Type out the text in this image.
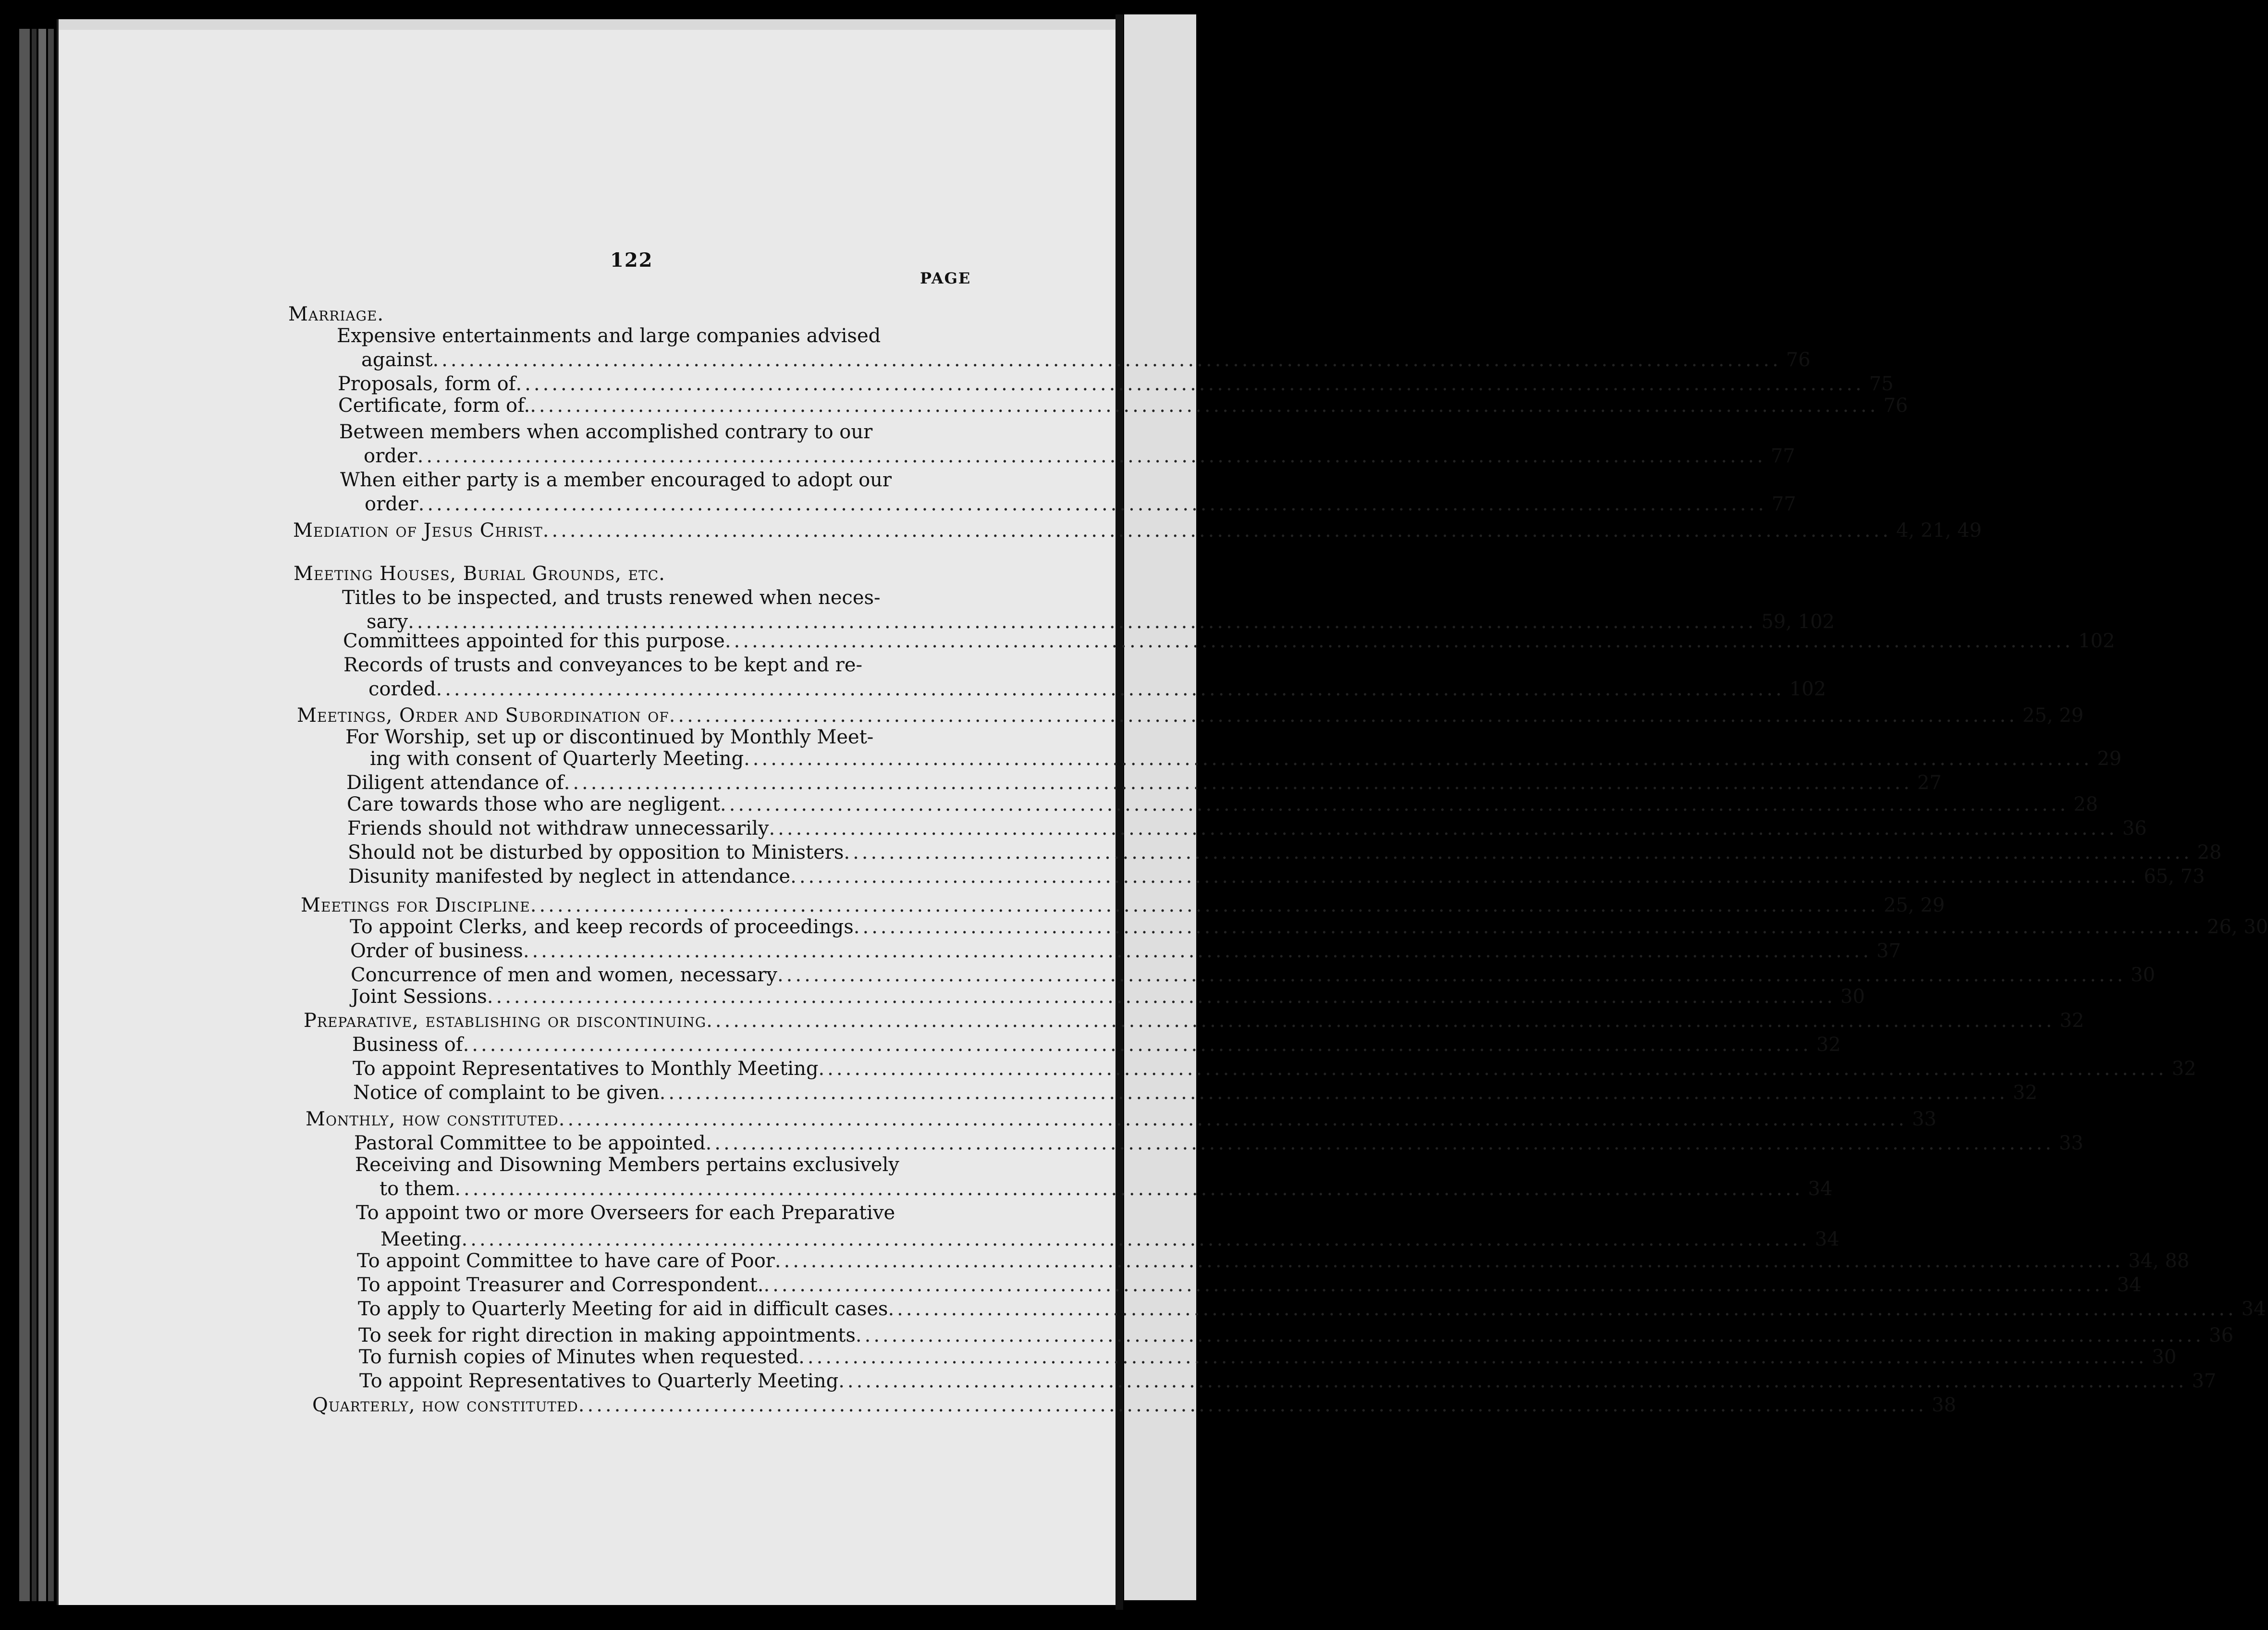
122
PAGE
Marriage.
Expensive entertainments and large companies advised
against ...................................................................................................................................................... 76
Proposals, form of ...................................................................................................................................................... 75
Certificate, form of. ...................................................................................................................................................... 76
Between members when accomplished contrary to our
order ...................................................................................................................................................... 77
When either party is a member encouraged to adopt our
order ...................................................................................................................................................... 77
Mediation of Jesus Christ ...................................................................................................................................................... 4, 21, 49
Meeting Houses, Burial Grounds, etc.
Titles to be inspected, and trusts renewed when neces-
sary ...................................................................................................................................................... 59, 102
Committees appointed for this purpose ...................................................................................................................................................... 102
Records of trusts and conveyances to be kept and re-
corded ...................................................................................................................................................... 102
Meetings, Order and Subordination of ...................................................................................................................................................... 25, 29
For Worship, set up or discontinued by Monthly Meet-
ing with consent of Quarterly Meeting ...................................................................................................................................................... 29
Diligent attendance of ...................................................................................................................................................... 27
Care towards those who are negligent ...................................................................................................................................................... 28
Friends should not withdraw unnecessarily ...................................................................................................................................................... 36
Should not be disturbed by opposition to Ministers ...................................................................................................................................................... 28
Disunity manifested by neglect in attendance ...................................................................................................................................................... 65, 73
Meetings for Discipline ...................................................................................................................................................... 25, 29
To appoint Clerks, and keep records of proceedings ...................................................................................................................................................... 26, 30
Order of business ...................................................................................................................................................... 37
Concurrence of men and women, necessary ...................................................................................................................................................... 30
Joint Sessions ...................................................................................................................................................... 30
Preparative, establishing or discontinuing ...................................................................................................................................................... 32
Business of ...................................................................................................................................................... 32
To appoint Representatives to Monthly Meeting ...................................................................................................................................................... 32
Notice of complaint to be given ...................................................................................................................................................... 32
Monthly, how constituted ...................................................................................................................................................... 33
Pastoral Committee to be appointed ...................................................................................................................................................... 33
Receiving and Disowning Members pertains exclusively
to them ...................................................................................................................................................... 34
To appoint two or more Overseers for each Preparative
Meeting ...................................................................................................................................................... 34
To appoint Committee to have care of Poor ...................................................................................................................................................... 34, 88
To appoint Treasurer and Correspondent. ...................................................................................................................................................... 34
To apply to Quarterly Meeting for aid in difficult cases ...................................................................................................................................................... 34
To seek for right direction in making appointments ...................................................................................................................................................... 36
To furnish copies of Minutes when requested ...................................................................................................................................................... 30
To appoint Representatives to Quarterly Meeting ...................................................................................................................................................... 37
Quarterly, how constituted ...................................................................................................................................................... 38
